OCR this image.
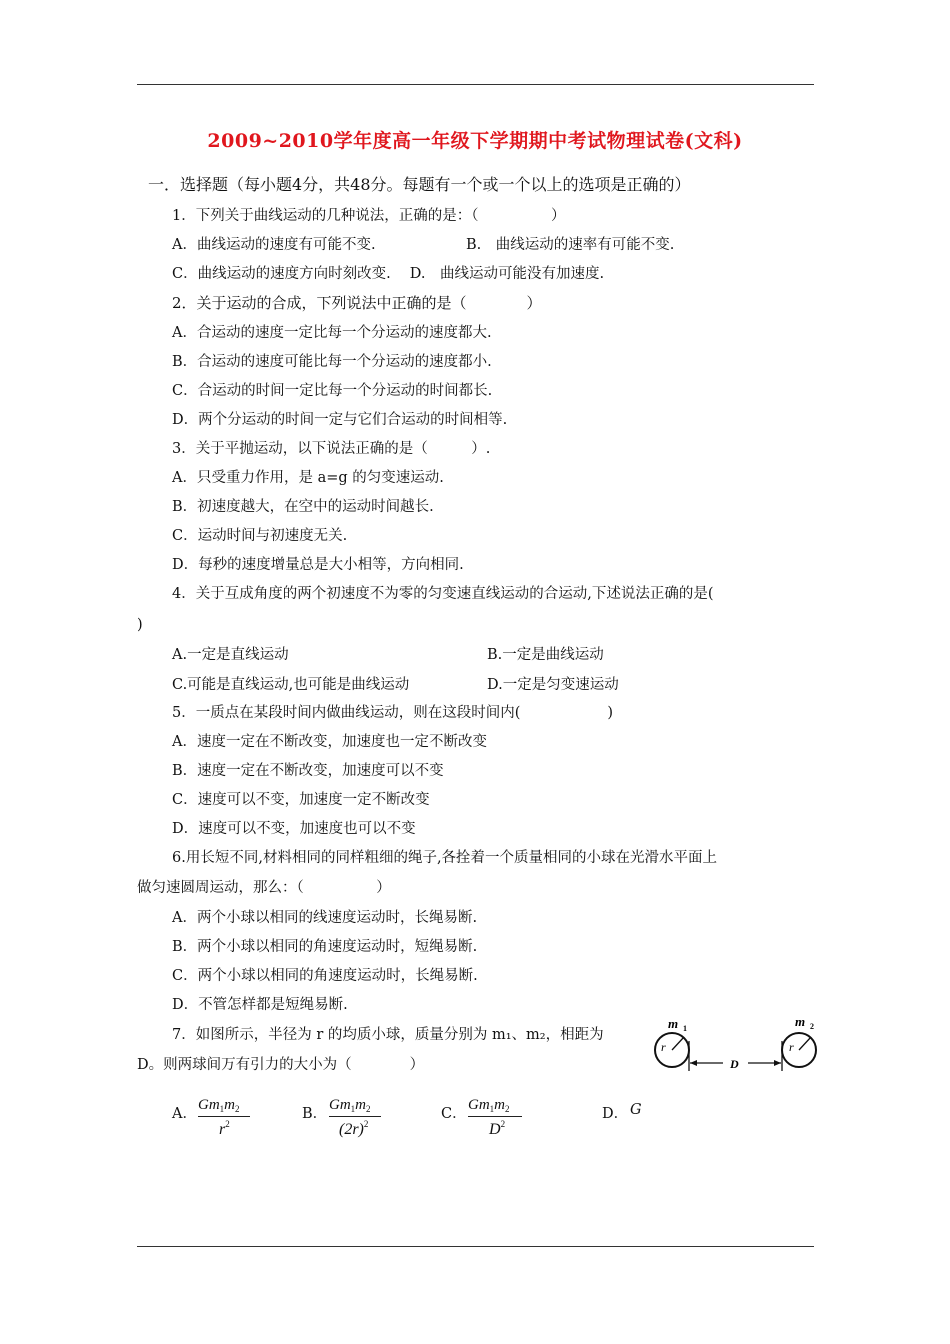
2009~2010学年度高一年级下学期期中考试物理试卷(文科)
一．选择题（每小题4分，共48分。每题有一个或一个以上的选项是正确的）
1．下列关于曲线运动的几种说法，正确的是：（　　　　　）
A．曲线运动的速度有可能不变.	B.　曲线运动的速率有可能不变.
C．曲线运动的速度方向时刻改变.　 D.　曲线运动可能没有加速度.
2．关于运动的合成，下列说法中正确的是（　　　　）
A．合运动的速度一定比每一个分运动的速度都大.
B．合运动的速度可能比每一个分运动的速度都小.
C．合运动的时间一定比每一个分运动的时间都长.
D．两个分运动的时间一定与它们合运动的时间相等.
3．关于平抛运动，以下说法正确的是（　　　）.
A．只受重力作用，是 a=g 的匀变速运动.
B．初速度越大，在空中的运动时间越长.
C．运动时间与初速度无关.
D．每秒的速度增量总是大小相等，方向相同.
4．关于互成角度的两个初速度不为零的匀变速直线运动的合运动,下述说法正确的是(
)
A.一定是直线运动	B.一定是曲线运动
C.可能是直线运动,也可能是曲线运动	D.一定是匀变速运动
5．一质点在某段时间内做曲线运动，则在这段时间内(　　　　　　)
A．速度一定在不断改变，加速度也一定不断改变
B．速度一定在不断改变，加速度可以不变
C．速度可以不变，加速度一定不断改变
D．速度可以不变，加速度也可以不变
6.用长短不同,材料相同的同样粗细的绳子,各拴着一个质量相同的小球在光滑水平面上
做匀速圆周运动，那么：（　　　　　）
A．两个小球以相同的线速度运动时，长绳易断.
B．两个小球以相同的角速度运动时，短绳易断.
C．两个小球以相同的角速度运动时，长绳易断.
D．不管怎样都是短绳易断.
7．如图所示，半径为 r 的均质小球，质量分别为 m₁、m₂，相距为
D。则两球间万有引力的大小为（　　　　）
m 1	m 2
r	r
D
A．
$Gm_1m_2$
$r^2$
B．
$Gm_1m_2$
$(2r)^2$
C．
$Gm_1m_2$
$D^2$
D． G
